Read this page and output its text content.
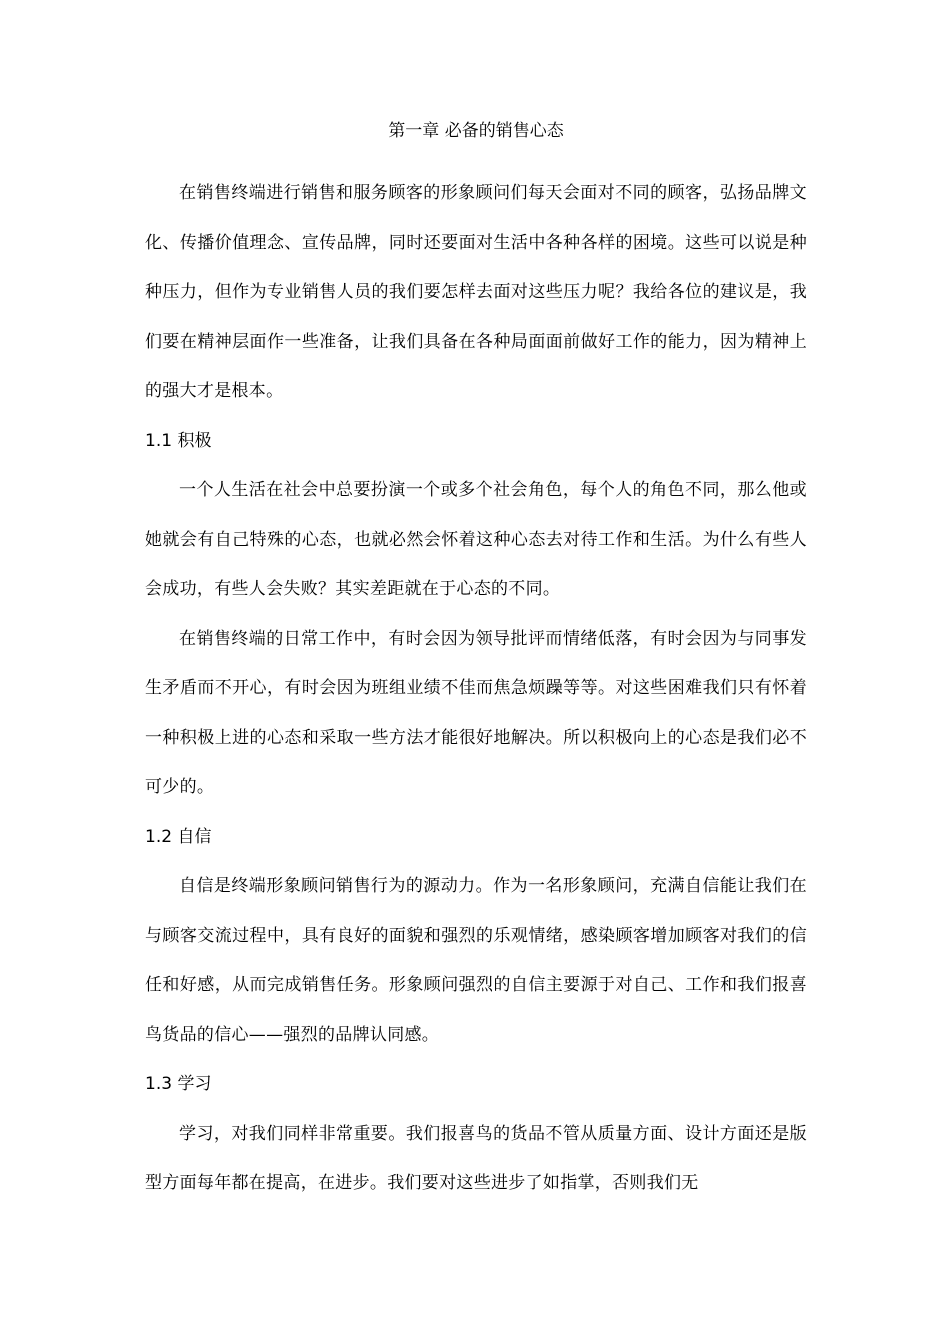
第一章 必备的销售心态

在销售终端进行销售和服务顾客的形象顾问们每天会面对不同的顾客，弘扬品牌文化、传播价值理念、宣传品牌，同时还要面对生活中各种各样的困境。这些可以说是种种压力，但作为专业销售人员的我们要怎样去面对这些压力呢？我给各位的建议是，我们要在精神层面作一些准备，让我们具备在各种局面面前做好工作的能力，因为精神上的强大才是根本。

1.1 积极

一个人生活在社会中总要扮演一个或多个社会角色，每个人的角色不同，那么他或她就会有自己特殊的心态，也就必然会怀着这种心态去对待工作和生活。为什么有些人会成功，有些人会失败？其实差距就在于心态的不同。

在销售终端的日常工作中，有时会因为领导批评而情绪低落，有时会因为与同事发生矛盾而不开心，有时会因为班组业绩不佳而焦急烦躁等等。对这些困难我们只有怀着一种积极上进的心态和采取一些方法才能很好地解决。所以积极向上的心态是我们必不可少的。

1.2 自信

自信是终端形象顾问销售行为的源动力。作为一名形象顾问，充满自信能让我们在与顾客交流过程中，具有良好的面貌和强烈的乐观情绪，感染顾客增加顾客对我们的信任和好感，从而完成销售任务。形象顾问强烈的自信主要源于对自己、工作和我们报喜鸟货品的信心——强烈的品牌认同感。

1.3 学习

学习，对我们同样非常重要。我们报喜鸟的货品不管从质量方面、设计方面还是版型方面每年都在提高，在进步。我们要对这些进步了如指掌，否则我们无
